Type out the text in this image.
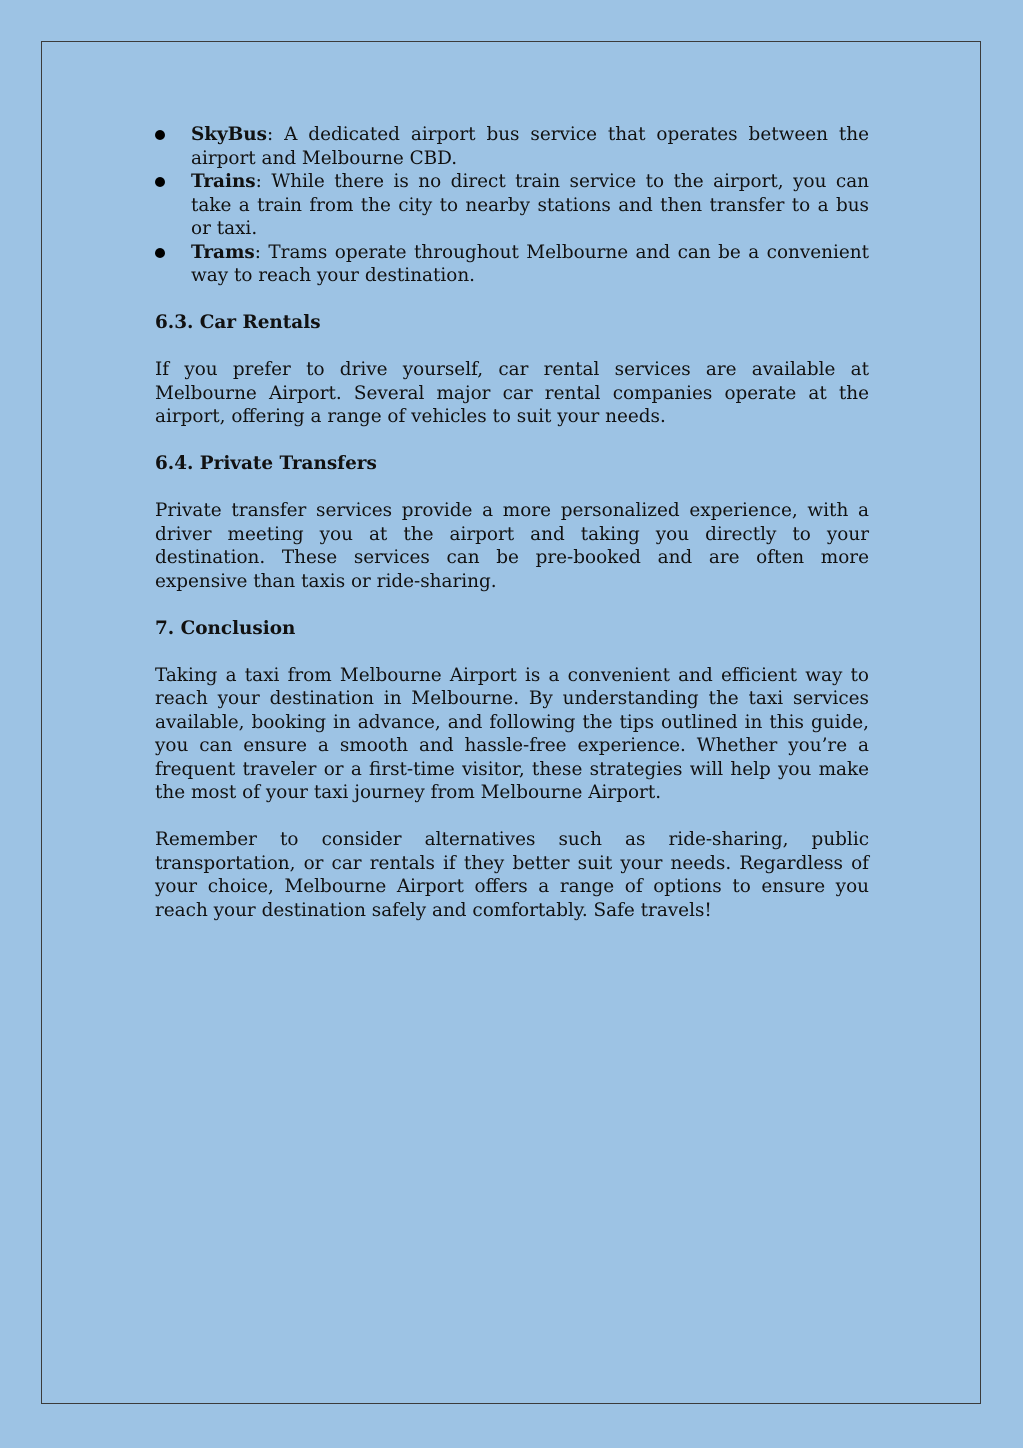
SkyBus: A dedicated airport bus service that operates between the airport and Melbourne CBD.
Trains: While there is no direct train service to the airport, you can take a train from the city to nearby stations and then transfer to a bus or taxi.
Trams: Trams operate throughout Melbourne and can be a convenient way to reach your destination.
6.3. Car Rentals

If you prefer to drive yourself, car rental services are available at Melbourne Airport. Several major car rental companies operate at the airport, offering a range of vehicles to suit your needs.

6.4. Private Transfers

Private transfer services provide a more personalized experience, with a driver meeting you at the airport and taking you directly to your destination. These services can be pre-booked and are often more expensive than taxis or ride-sharing.

7. Conclusion

Taking a taxi from Melbourne Airport is a convenient and efficient way to reach your destination in Melbourne. By understanding the taxi services available, booking in advance, and following the tips outlined in this guide, you can ensure a smooth and hassle-free experience. Whether you’re a frequent traveler or a first-time visitor, these strategies will help you make the most of your taxi journey from Melbourne Airport.

Remember to consider alternatives such as ride-sharing, public transportation, or car rentals if they better suit your needs. Regardless of your choice, Melbourne Airport offers a range of options to ensure you reach your destination safely and comfortably. Safe travels!
